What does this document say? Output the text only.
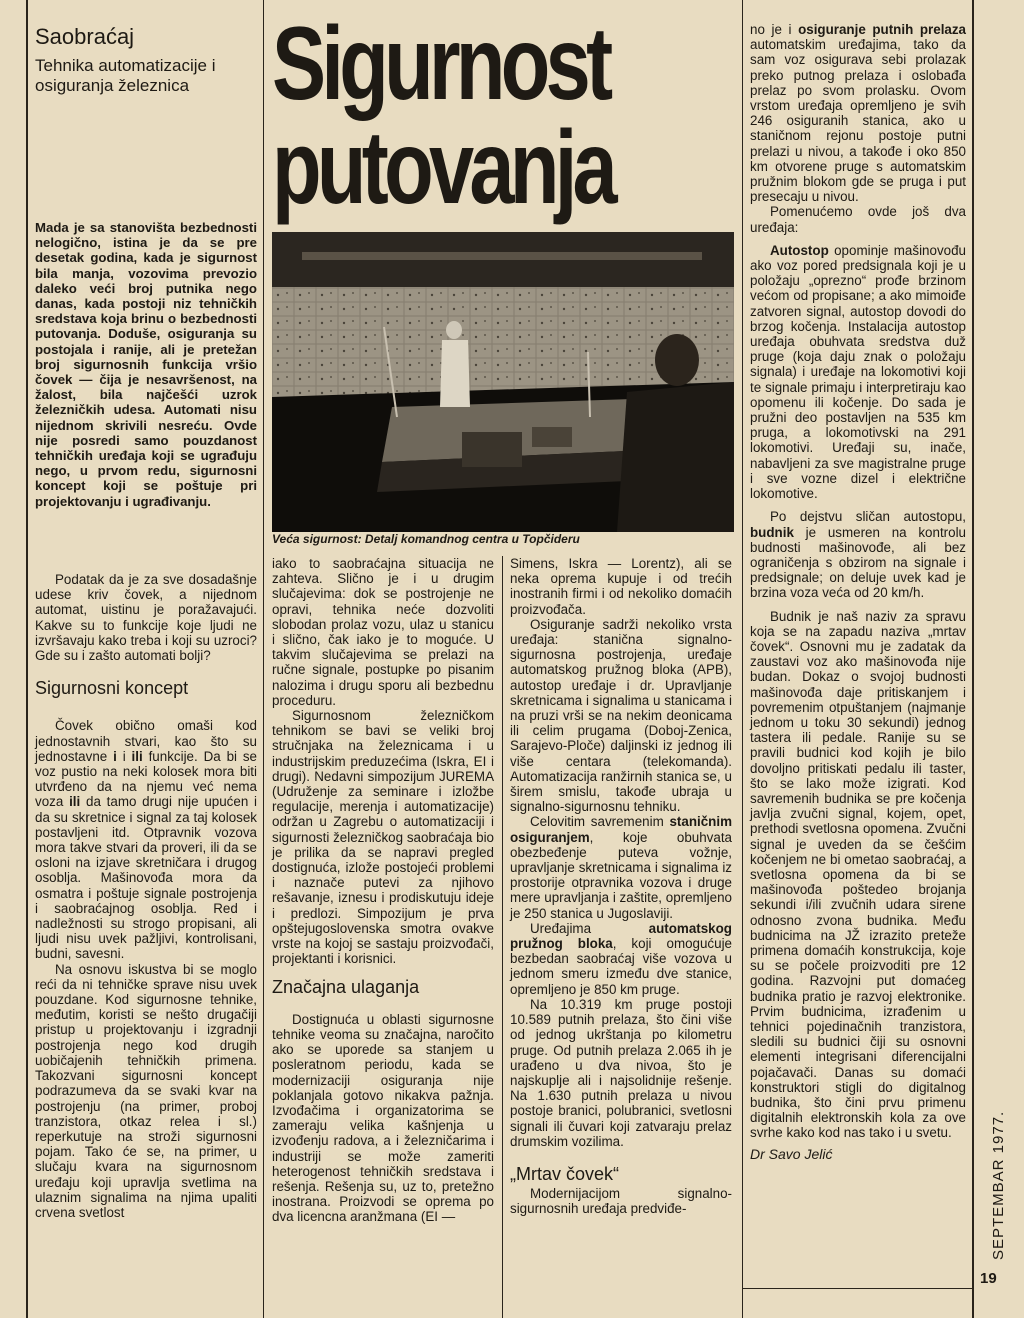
Saobraćaj
Tehnika automatizacije i osiguranja železnica Sigurnost
putovanja
Mada je sa stanovišta bezbednosti nelogično, istina je da se pre desetak godina, kada je sigurnost bila manja, vozovima prevozio daleko veći broj putnika nego danas, kada postoji niz tehničkih sredstava koja brinu o bezbednosti putovanja. Doduše, osiguranja su postojala i ranije, ali je pretežan broj sigurnosnih funkcija vršio čovek — čija je nesavršenost, na žalost, bila najčešći uzrok železničkih udesa. Automati nisu nijednom skrivili nesreću. Ovde nije posredi samo pouzdanost tehničkih uređaja koji se ugrađuju nego, u prvom redu, sigurnosni koncept koji se poštuje pri projektovanju i ugrađivanju.
Veća sigurnost: Detalj komandnog centra u Topčideru

Podatak da je za sve dosadašnje udese kriv čovek, a nijednom automat, uistinu je poražavajući. Kakve su to funkcije koje ljudi ne izvršavaju kako treba i koji su uzroci? Gde su i zašto automati bolji?

Sigurnosni koncept

Čovek obično omaši kod jednostavnih stvari, kao što su jednostavne i i ili funkcije. Da bi se voz pustio na neki kolosek mora biti utvrđeno da na njemu već nema voza ili da tamo drugi nije upućen i da su skretnice i signal za taj kolosek postavljeni itd. Otpravnik vozova mora takve stvari da proveri, ili da se osloni na izjave skretničara i drugog osoblja. Mašinovođa mora da osmatra i poštuje signale postrojenja i saobraćajnog osoblja. Red i nadležnosti su strogo propisani, ali ljudi nisu uvek pažljivi, kontrolisani, budni, savesni.

Na osnovu iskustva bi se moglo reći da ni tehničke sprave nisu uvek pouzdane. Kod sigurnosne tehnike, međutim, koristi se nešto drugačiji pristup u projektovanju i izgradnji postrojenja nego kod drugih uobičajenih tehničkih primena. Takozvani sigurnosni koncept podrazumeva da se svaki kvar na postrojenju (na primer, proboj tranzistora, otkaz relea i sl.) reperkutuje na stroži sigurnosni pojam. Tako će se, na primer, u slučaju kvara na sigurnosnom uređaju koji upravlja svetlima na ulaznim signalima na njima upaliti crvena svetlost

iako to saobraćajna situacija ne zahteva. Slično je i u drugim slučajevima: dok se postrojenje ne opravi, tehnika neće dozvoliti slobodan prolaz vozu, ulaz u stanicu i slično, čak iako je to moguće. U takvim slučajevima se prelazi na ručne signale, postupke po pisanim nalozima i drugu sporu ali bezbednu proceduru.

Sigurnosnom železničkom tehnikom se bavi se veliki broj stručnjaka na železnicama i u industrijskim preduzećima (Iskra, EI i drugi). Nedavni simpozijum JUREMA (Udruženje za seminare i izložbe regulacije, merenja i automatizacije) održan u Zagrebu o automatizaciji i sigurnosti železničkog saobraćaja bio je prilika da se napravi pregled dostignuća, izlože postojeći problemi i naznače putevi za njihovo rešavanje, iznesu i prodiskutuju ideje i predlozi. Simpozijum je prva opštejugoslovenska smotra ovakve vrste na kojoj se sastaju proizvođači, projektanti i korisnici.

Značajna ulaganja

Dostignuća u oblasti sigurnosne tehnike veoma su značajna, naročito ako se uporede sa stanjem u posleratnom periodu, kada se modernizaciji osiguranja nije poklanjala gotovo nikakva pažnja. Izvođačima i organizatorima se zameraju velika kašnjenja u izvođenju radova, a i železničarima i industriji se može zameriti heterogenost tehničkih sredstava i rešenja. Rešenja su, uz to, pretežno inostrana. Proizvodi se oprema po dva licencna aranžmana (EI —

Simens, Iskra — Lorentz), ali se neka oprema kupuje i od trećih inostranih firmi i od nekoliko domaćih proizvođača.

Osiguranje sadrži nekoliko vrsta uređaja: stanična signalno-sigurnosna postrojenja, uređaje automatskog pružnog bloka (APB), autostop uređaje i dr. Upravljanje skretnicama i signalima u stanicama i na pruzi vrši se na nekim deonicama ili celim prugama (Doboj-Zenica, Sarajevo-Ploče) daljinski iz jednog ili više centara (telekomanda). Automatizacija ranžirnih stanica se, u širem smislu, takođe ubraja u signalno-sigurnosnu tehniku.

Celovitim savremenim staničnim osiguranjem, koje obuhvata obezbeđenje puteva vožnje, upravljanje skretnicama i signalima iz prostorije otpravnika vozova i druge mere upravljanja i zaštite, opremljeno je 250 stanica u Jugoslaviji.

Uređajima automatskog pružnog bloka, koji omogućuje bezbedan saobraćaj više vozova u jednom smeru između dve stanice, opremljeno je 850 km pruge.

Na 10.319 km pruge postoji 10.589 putnih prelaza, što čini više od jednog ukrštanja po kilometru pruge. Od putnih prelaza 2.065 ih je urađeno u dva nivoa, što je najskuplje ali i najsolidnije rešenje. Na 1.630 putnih prelaza u nivou postoje branici, polubranici, svetlosni signali ili čuvari koji zatvaraju prelaz drumskim vozilima.

„Mrtav čovek“

Modernijacijom signalno-sigurnosnih uređaja predviđe-

no je i osiguranje putnih prelaza automatskim uređajima, tako da sam voz osigurava sebi prolazak preko putnog prelaza i oslobađa prelaz po svom prolasku. Ovom vrstom uređaja opremljeno je svih 246 osiguranih stanica, ako u staničnom rejonu postoje putni prelazi u nivou, a takođe i oko 850 km otvorene pruge s automatskim pružnim blokom gde se pruga i put presecaju u nivou.

Pomenućemo ovde još dva uređaja:

Autostop opominje mašinovođu ako voz pored predsignala koji je u položaju „oprezno“ prođe brzinom većom od propisane; a ako mimoiđe zatvoren signal, autostop dovodi do brzog kočenja. Instalacija autostop uređaja obuhvata sredstva duž pruge (koja daju znak o položaju signala) i uređaje na lokomotivi koji te signale primaju i interpretiraju kao opomenu ili kočenje. Do sada je pružni deo postavljen na 535 km pruga, a lokomotivski na 291 lokomotivi. Uređaji su, inače, nabavljeni za sve magistralne pruge i sve vozne dizel i električne lokomotive.

Po dejstvu sličan autostopu, budnik je usmeren na kontrolu budnosti mašinovođe, ali bez ograničenja s obzirom na signale i predsignale; on deluje uvek kad je brzina voza veća od 20 km/h.

Budnik je naš naziv za spravu koja se na zapadu naziva „mrtav čovek“. Osnovni mu je zadatak da zaustavi voz ako mašinovođa nije budan. Dokaz o svojoj budnosti mašinovođa daje pritiskanjem i povremenim otpuštanjem (najmanje jednom u toku 30 sekundi) jednog tastera ili pedale. Ranije su se pravili budnici kod kojih je bilo dovoljno pritiskati pedalu ili taster, što se lako može izigrati. Kod savremenih budnika se pre kočenja javlja zvučni signal, kojem, opet, prethodi svetlosna opomena. Zvučni signal je uveden da se češćim kočenjem ne bi ometao saobraćaj, a svetlosna opomena da bi se mašinovođa poštedeo brojanja sekundi i/ili zvučnih udara sirene odnosno zvona budnika. Među budnicima na JŽ izrazito preteže primena domaćih konstrukcija, koje su se počele proizvoditi pre 12 godina. Razvojni put domaćeg budnika pratio je razvoj elektronike. Prvim budnicima, izrađenim u tehnici pojedinačnih tranzistora, sledili su budnici čiji su osnovni elementi integrisani diferencijalni pojačavači. Danas su domaći konstruktori stigli do digitalnog budnika, što čini prvu primenu digitalnih elektronskih kola za ove svrhe kako kod nas tako i u svetu.

Dr Savo Jelić	SEPTEMBAR 1977.
19
